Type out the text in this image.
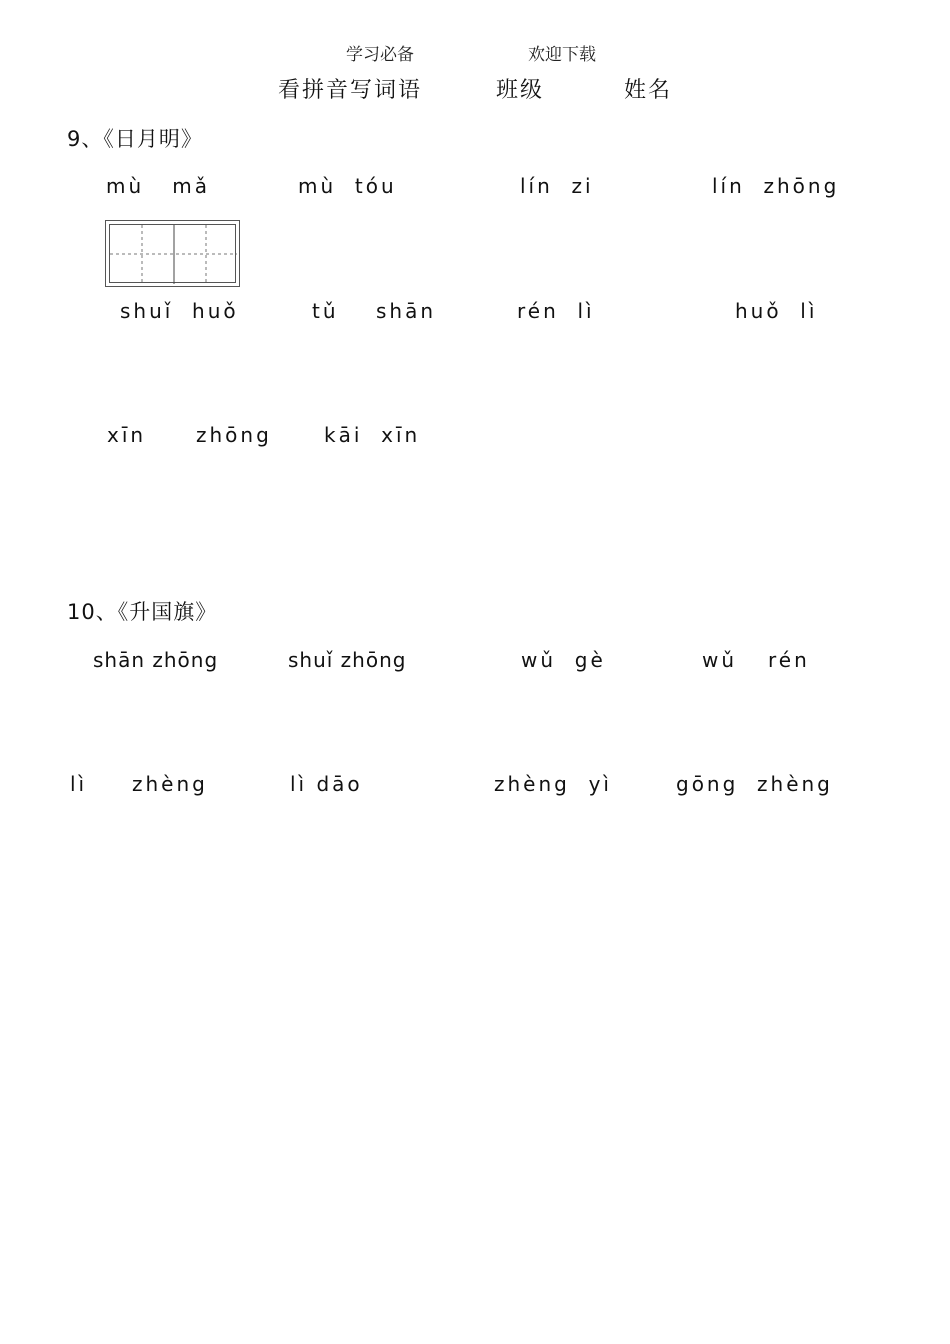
学习必备	欢迎下载
看拼音写词语	班级	姓名
9、《日月明》
mù   mǎ	mù  tóu	lín  zi	lín  zhōng
shuǐ  huǒ	tǔ shān	rén  lì	huǒ  lì
xīn zhōng	kāi  xīn
10、《升国旗》
shān zhōng	shuǐ zhōng	wǔ  gè	wǔ rén
lì zhèng	lì dāo	zhèng  yì	gōng  zhèng
